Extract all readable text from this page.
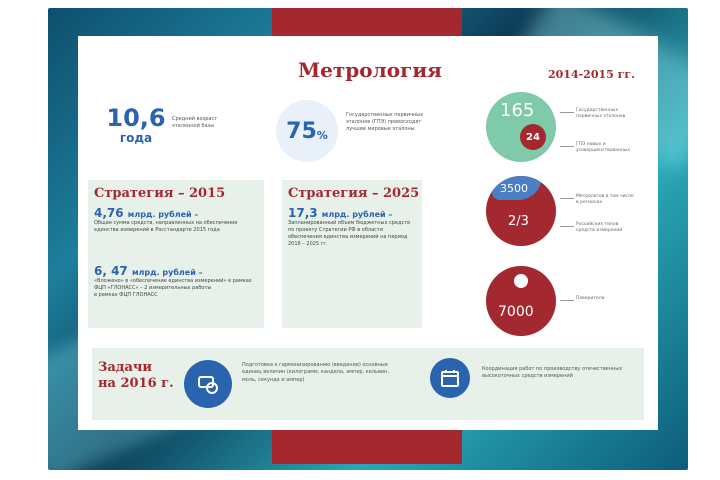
Метрология	2014-2015 гг.
10,6
года
Средний возраст эталонной базы	75 %
Государственных первичных эталонов (ГПЭ) превосходят лучшие мировые эталоны
Стратегия – 2015
4,76 млрд. рублей –
Общая сумма средств, направленных на обеспечение единства измерений в Росcтандарте 2015 года
6, 47 млрд. рублей –
«Вложено» в «обеспечение единства измерений» в рамках ФЦП «ГЛОНАСС» – 2 измерительных работы
в рамках ФЦП ГЛОНАСС
Стратегия – 2025
17,3 млрд. рублей –
Запланированный объем бюджетных средств по проекту Стратегии РФ в области обеспечения единства измерений на период 2016 – 2025 гг.
165
24
Государственных первичных эталонов
ГПЭ новых и усовершенствованных
3500
2/3
Метрологов в том числе в регионах
Российских типов средств измерений
7000
Поверители
Задачи
на 2016 г.
Подготовка к гармонизированию (введение) основные единиц величин (килограмм, кандела, ампер, кельвин, моль, секунда и ампер)
Координация работ по производству отечественных высокоточных средств измерений
